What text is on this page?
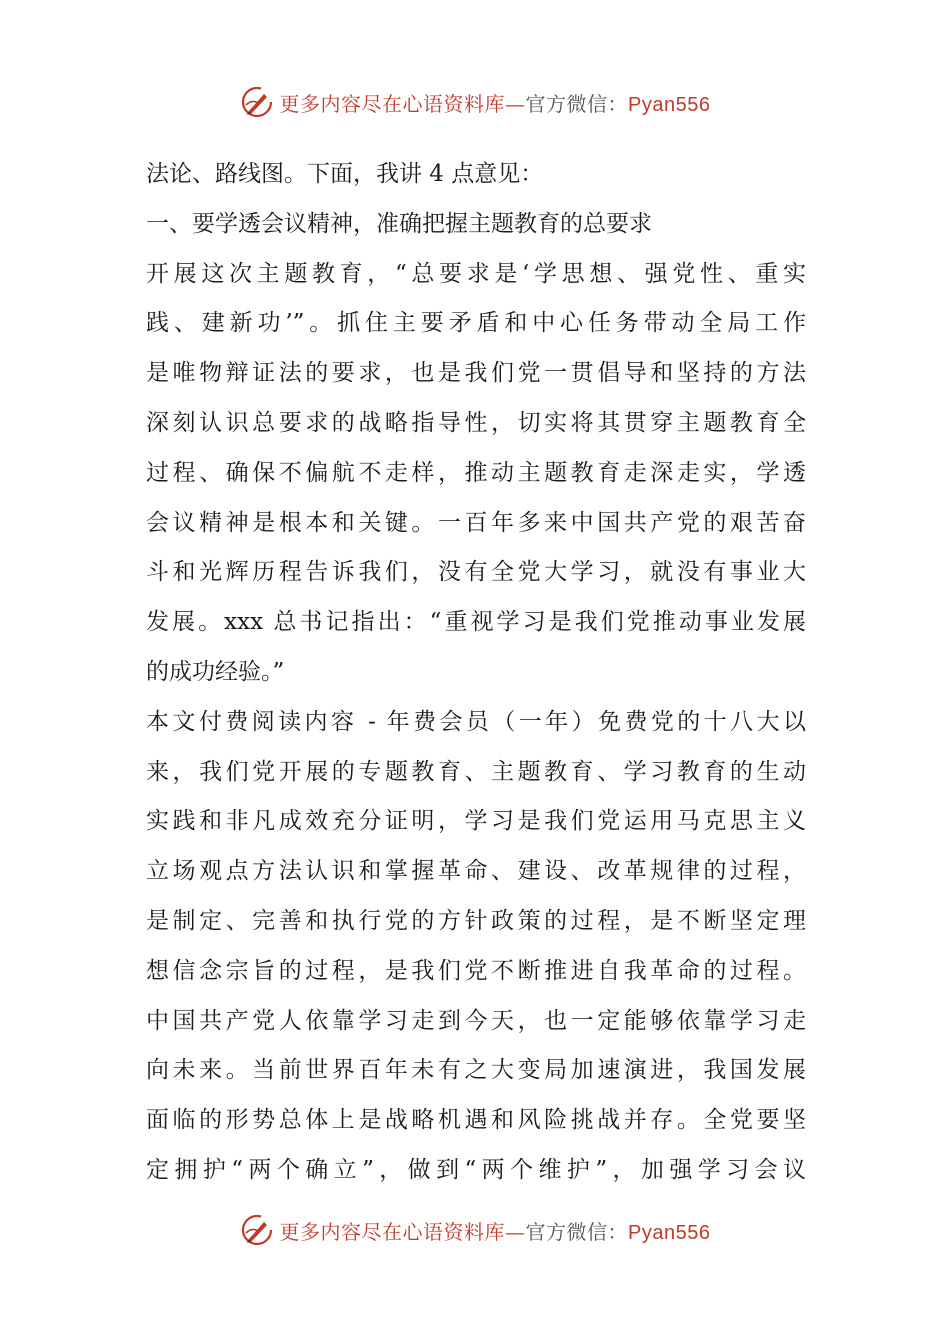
更多内容尽在心语资料库—官方微信：Pyan556
法论、路线图。下面，我讲 4 点意见：
一、要学透会议精神，准确把握主题教育的总要求
开展这次主题教育，“总要求是‘学思想、强党性、重实
践、建新功’”。抓住主要矛盾和中心任务带动全局工作
是唯物辩证法的要求，也是我们党一贯倡导和坚持的方法
深刻认识总要求的战略指导性，切实将其贯穿主题教育全
过程、确保不偏航不走样，推动主题教育走深走实，学透
会议精神是根本和关键。一百年多来中国共产党的艰苦奋
斗和光辉历程告诉我们，没有全党大学习，就没有事业大
发展。xxx 总书记指出：“重视学习是我们党推动事业发展
的成功经验。”
本文付费阅读内容 - 年费会员（一年）免费党的十八大以
来，我们党开展的专题教育、主题教育、学习教育的生动
实践和非凡成效充分证明，学习是我们党运用马克思主义
立场观点方法认识和掌握革命、建设、改革规律的过程，
是制定、完善和执行党的方针政策的过程，是不断坚定理
想信念宗旨的过程，是我们党不断推进自我革命的过程。
中国共产党人依靠学习走到今天，也一定能够依靠学习走
向未来。当前世界百年未有之大变局加速演进，我国发展
面临的形势总体上是战略机遇和风险挑战并存。全党要坚
定拥护“两个确立”，做到“两个维护”，加强学习会议
更多内容尽在心语资料库—官方微信：Pyan556
